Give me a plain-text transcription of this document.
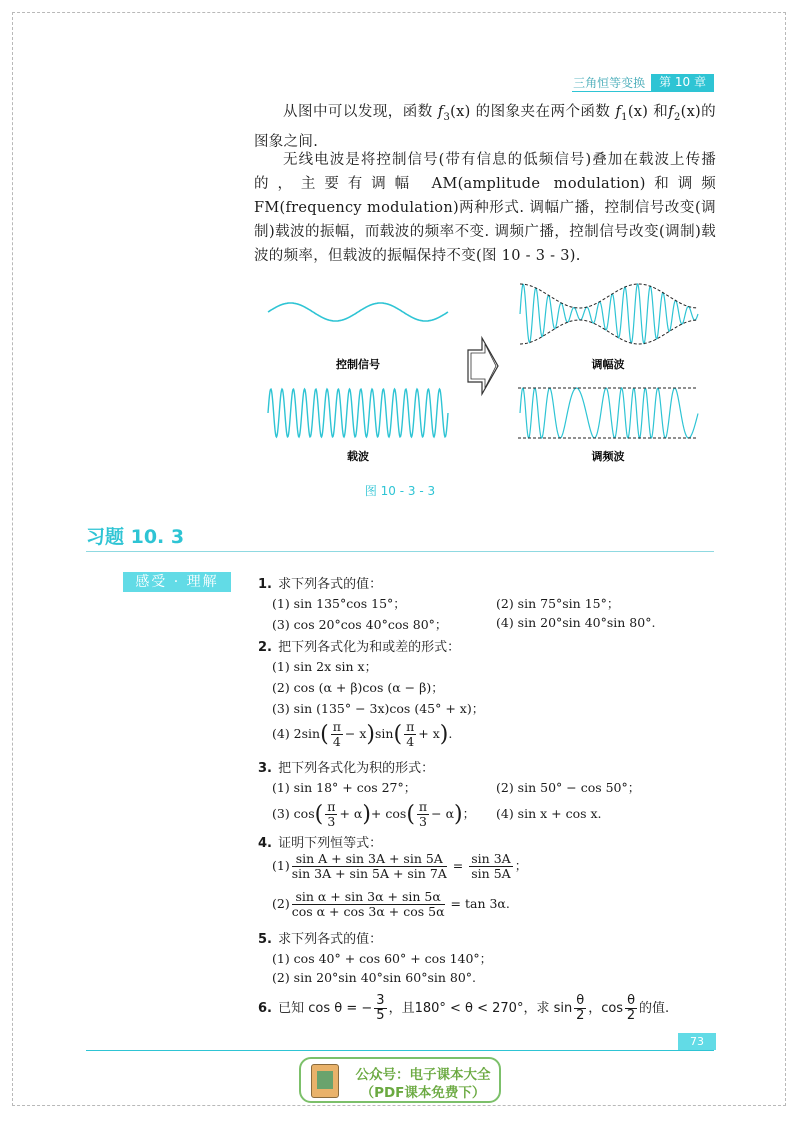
三角恒等变换	第 10 章
从图中可以发现，函数 $f_3(x)$ 的图象夹在两个函数 $f_1(x)$ 和$f_2(x)$的图象之间.
无线电波是将控制信号(带有信息的低频信号)叠加在载波上传播的，主要有调幅 AM(amplitude modulation)和调频 FM(frequency modulation)两种形式. 调幅广播，控制信号改变(调制)载波的振幅，而载波的频率不变. 调频广播，控制信号改变(调制)载波的频率，但载波的振幅保持不变(图 10 - 3 - 3).
控制信号
载波
调幅波
调频波
图 10 - 3 - 3
习题 10. 3
感受 · 理解	1. 求下列各式的值：
(1) sin 135°cos 15°；	(2) sin 75°sin 15°；
(3) cos 20°cos 40°cos 80°；	(4) sin 20°sin 40°sin 80°.
2. 把下列各式化为和或差的形式：
(1) sin 2x sin x；
(2) cos (α + β)cos (α − β)；
(3) sin (135° − 3x)cos (45° + x)；
(4) $2\sin( \frac{\pi}{4} - x)\sin( \frac{\pi}{4} + x)$.
3. 把下列各式化为积的形式：
(1) sin 18° + cos 27°；	(2) sin 50° − cos 50°；
(3) $\cos( \frac{\pi}{3} + \alpha)+ \cos( \frac{\pi}{3} - \alpha)$； (4) sin x + cos x.
4. 证明下列恒等式：
$(1) \frac{\text{sin A + sin 3A + sin 5A}}{\sin 3A + \sin 5A + \sin 7A} = \frac{\sin 3A}{\sin 5A}$ ；
$(2) \frac{\text{sin α + sin 3α + sin 5α}}{\text{cos α + cos 3α + cos 5α}} = \tan 3\alpha$.
5. 求下列各式的值：
(1) cos 40° + cos 60° + cos 140°；
(2) sin 20°sin 40°sin 60°sin 80°.
6. 已知 cos θ = − $\frac{3}{5}$ ，且180° < θ < 270°，求 $\sin \frac{\theta}{2}$ ，$\cos \frac{\theta}{2}$ 的值.
73
公众号：电子课本大全
（PDF课本免费下）
